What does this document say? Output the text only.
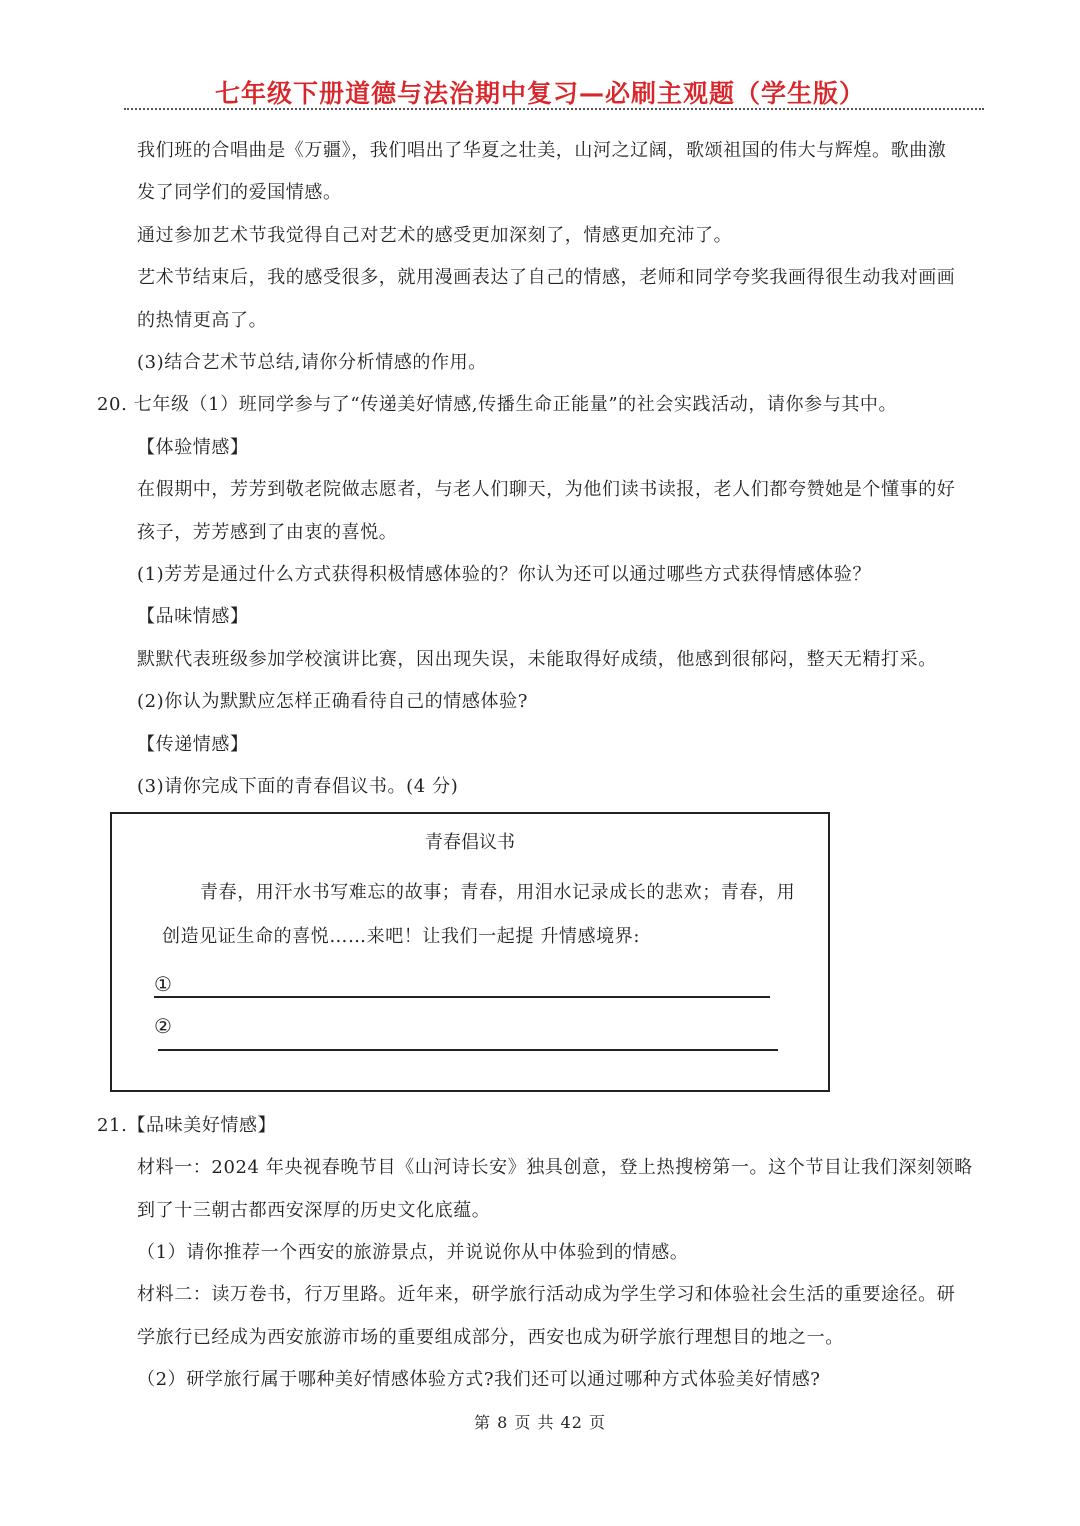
七年级下册道德与法治期中复习—必刷主观题（学生版）
我们班的合唱曲是《万疆》，我们唱出了华夏之壮美，山河之辽阔，歌颂祖国的伟大与辉煌。歌曲激
发了同学们的爱国情感。
通过参加艺术节我觉得自己对艺术的感受更加深刻了，情感更加充沛了。
艺术节结束后，我的感受很多，就用漫画表达了自己的情感，老师和同学夸奖我画得很生动我对画画
的热情更高了。
(3)结合艺术节总结,请你分析情感的作用。
20. 七年级（1）班同学参与了“传递美好情感,传播生命正能量”的社会实践活动，请你参与其中。
【体验情感】
在假期中，芳芳到敬老院做志愿者，与老人们聊天，为他们读书读报，老人们都夸赞她是个懂事的好
孩子，芳芳感到了由衷的喜悦。
(1)芳芳是通过什么方式获得积极情感体验的？你认为还可以通过哪些方式获得情感体验？
【品味情感】
默默代表班级参加学校演讲比赛，因出现失误，未能取得好成绩，他感到很郁闷，整天无精打采。
(2)你认为默默应怎样正确看待自己的情感体验?
【传递情感】
(3)请你完成下面的青春倡议书。(4 分)
青春倡议书
青春，用汗水书写难忘的故事；青春，用泪水记录成长的悲欢；青春，用
创造见证生命的喜悦……来吧！让我们一起提 升情感境界:
①
②
21.【品味美好情感】
材料一：2024 年央视春晚节目《山河诗长安》独具创意，登上热搜榜第一。这个节目让我们深刻领略
到了十三朝古都西安深厚的历史文化底蕴。
（1）请你推荐一个西安的旅游景点，并说说你从中体验到的情感。
材料二：读万卷书，行万里路。近年来，研学旅行活动成为学生学习和体验社会生活的重要途径。研
学旅行已经成为西安旅游市场的重要组成部分，西安也成为研学旅行理想目的地之一。
（2）研学旅行属于哪种美好情感体验方式?我们还可以通过哪种方式体验美好情感?
第 8 页 共 42 页
